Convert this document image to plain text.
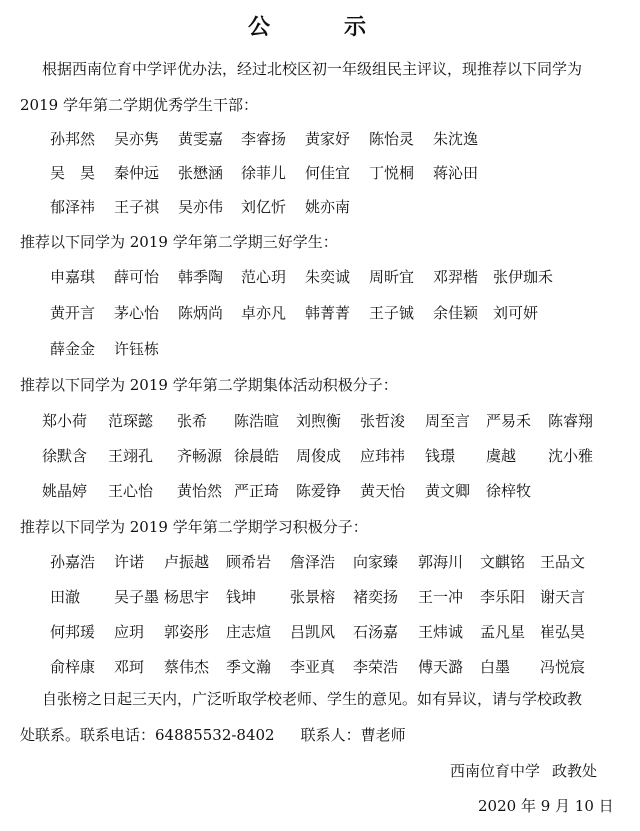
公　示
根据西南位育中学评优办法，经过北校区初一年级组民主评议，现推荐以下同学为
2019 学年第二学期优秀学生干部：
孙邦然 吴亦隽 黄雯嘉 李睿扬 黄家妤 陈怡灵 朱沈逸
吴　昊 秦仲远 张懋涵 徐菲儿 何佳宜 丁悦桐 蒋沁田
郁泽祎 王子祺 吴亦伟 刘亿忻 姚亦南
推荐以下同学为 2019 学年第二学期三好学生：
申嘉琪 薛可怡 韩季陶 范心玥 朱奕诚 周昕宜 邓羿楷 张伊珈禾
黄开言 茅心怡 陈炳尚 卓亦凡 韩菁菁 王子铖 余佳颖 刘可妍
薛金金 许钰栋
推荐以下同学为 2019 学年第二学期集体活动积极分子：
郑小荷 范琛懿 张希 陈浩暄 刘煦衡 张哲浚 周至言 严易禾 陈睿翔
徐默含 王翊孔 齐畅源 徐晨皓 周俊成 应玮祎 钱璟 虞越 沈小雅
姚晶婷 王心怡 黄怡然 严正琦 陈爱铮 黄天怡 黄文卿 徐梓牧
推荐以下同学为 2019 学年第二学期学习积极分子：
孙嘉浩 许诺 卢振越 顾希岩 詹泽浩 向家臻 郭海川 文麒铭 王品文
田澈 吴子墨 杨思宇 钱坤 张景榕 褚奕扬 王一冲 李乐阳 谢天言
何邦瑗 应玥 郭姿彤 庄志煊 吕凯风 石汤嘉 王炜诚 孟凡星 崔弘昊
俞梓康 邓珂 蔡伟杰 季文瀚 李亚真 李荣浩 傅天潞 白墨 冯悦宸
自张榜之日起三天内，广泛听取学校老师、学生的意见。如有异议，请与学校政教
处联系。联系电话：64885532-8402 联系人：曹老师
西南位育中学 政教处
2020 年 9 月 10 日
